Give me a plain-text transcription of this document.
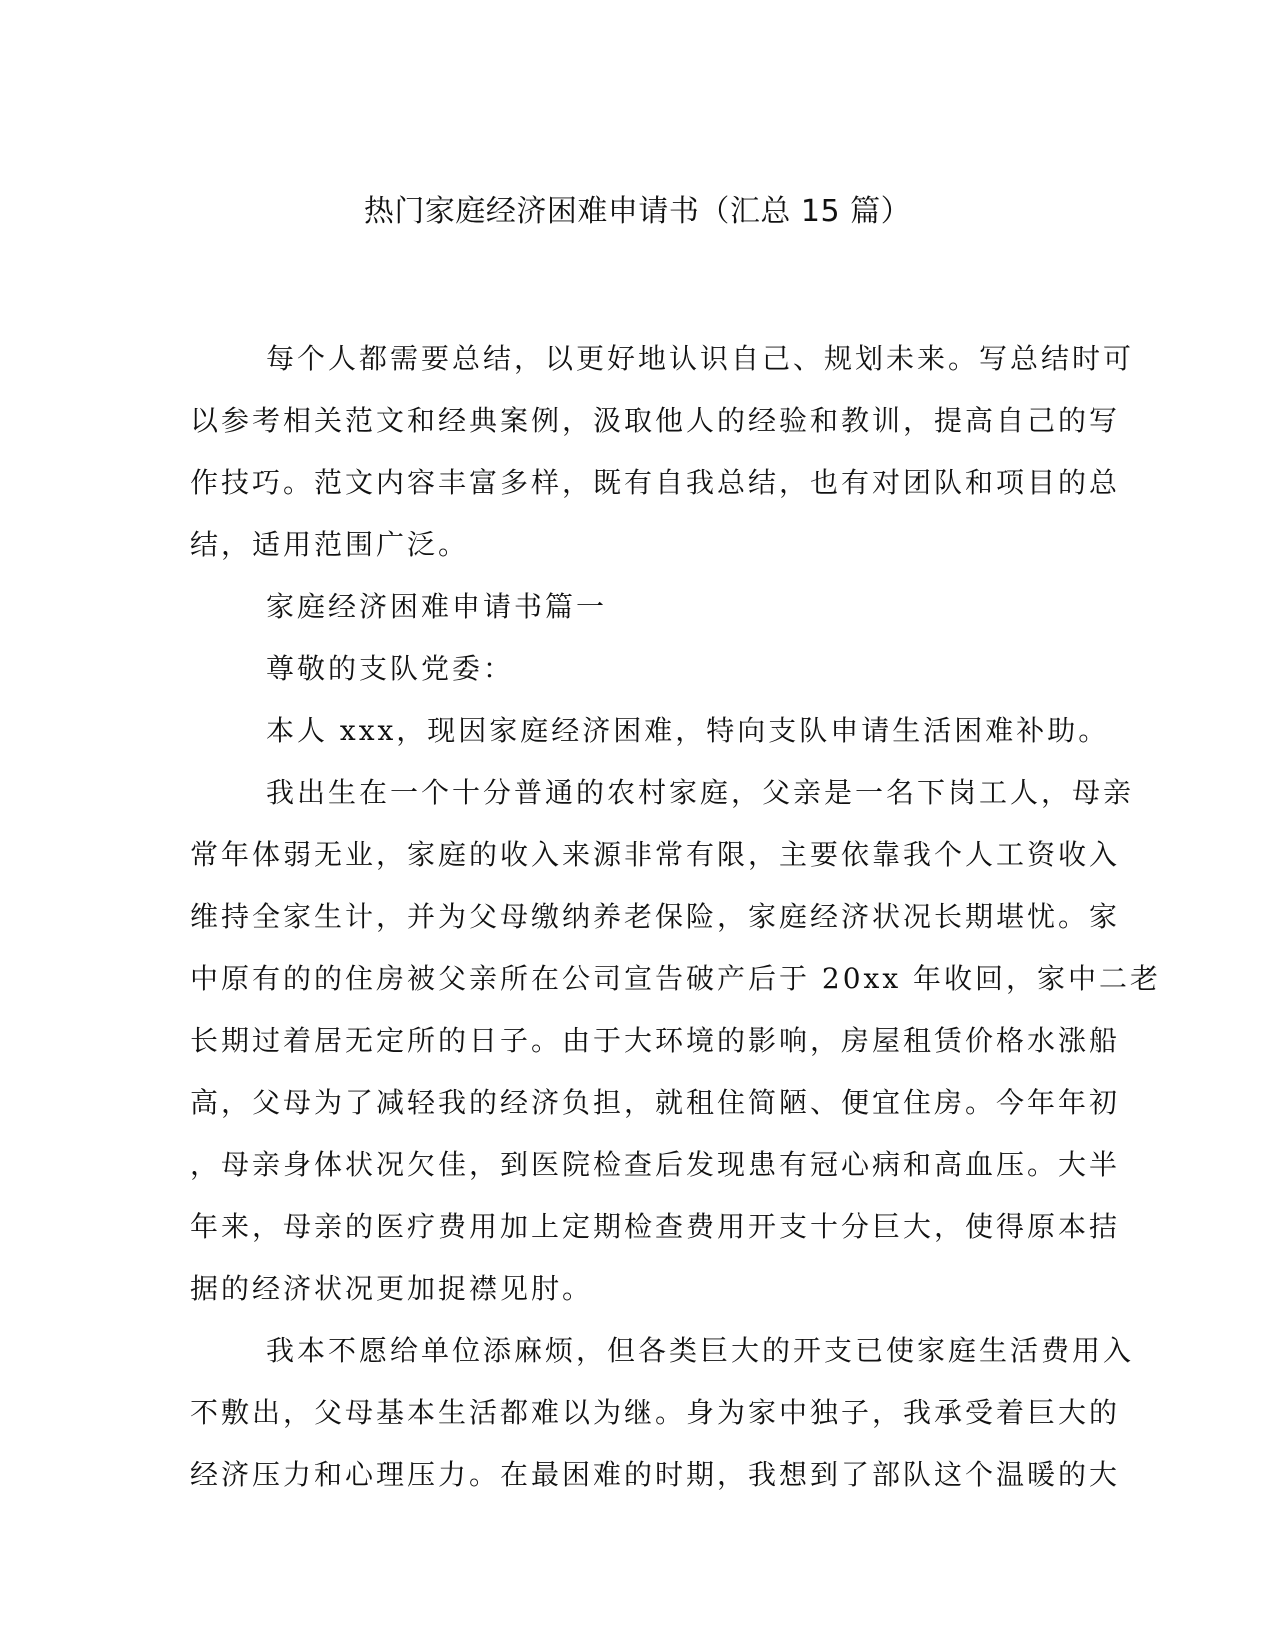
热门家庭经济困难申请书（汇总 15 篇）
每个人都需要总结，以更好地认识自己、规划未来。写总结时可
以参考相关范文和经典案例，汲取他人的经验和教训，提高自己的写
作技巧。范文内容丰富多样，既有自我总结，也有对团队和项目的总
结，适用范围广泛。
家庭经济困难申请书篇一
尊敬的支队党委：
本人 xxx，现因家庭经济困难，特向支队申请生活困难补助。
我出生在一个十分普通的农村家庭，父亲是一名下岗工人，母亲
常年体弱无业，家庭的收入来源非常有限，主要依靠我个人工资收入
维持全家生计，并为父母缴纳养老保险，家庭经济状况长期堪忧。家
中原有的的住房被父亲所在公司宣告破产后于 20xx 年收回，家中二老
长期过着居无定所的日子。由于大环境的影响，房屋租赁价格水涨船
高，父母为了减轻我的经济负担，就租住简陋、便宜住房。今年年初
，母亲身体状况欠佳，到医院检查后发现患有冠心病和高血压。大半
年来，母亲的医疗费用加上定期检查费用开支十分巨大，使得原本拮
据的经济状况更加捉襟见肘。
我本不愿给单位添麻烦，但各类巨大的开支已使家庭生活费用入
不敷出，父母基本生活都难以为继。身为家中独子，我承受着巨大的
经济压力和心理压力。在最困难的时期，我想到了部队这个温暖的大
